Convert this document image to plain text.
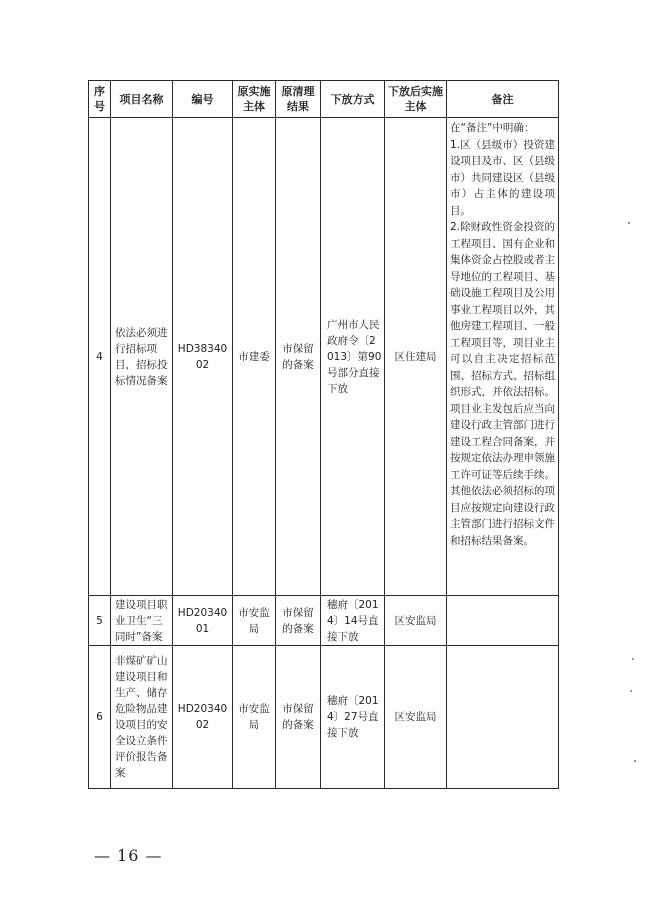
序号	项目名称	编号	原实施主体	原清理结果	下放方式	下放后实施主体	备注
4	依法必须进行招标项目，招标投标情况备案	HD3834002	市建委	市保留的备案	广州市人民政府令〔2013〕第90号部分直接下放	区住建局	在“备注”中明确：
1.区（县级市）投资建设项目及市、区（县级市）共同建设区（县级市）占主体的建设项目。
2.除财政性资金投资的工程项目、国有企业和集体资金占控股或者主导地位的工程项目、基础设施工程项目及公用事业工程项目以外，其他房建工程项目、一般工程项目等，项目业主可以自主决定招标范围、招标方式、招标组织形式，并依法招标。项目业主发包后应当向建设行政主管部门进行建设工程合同备案，并按规定依法办理申领施工许可证等后续手续。其他依法必须招标的项目应按规定向建设行政主管部门进行招标文件和招标结果备案。

5	建设项目职业卫生“三同时”备案	HD2034001	市安监局	市保留的备案	穗府〔2014〕14号直接下放	区安监局	
6	非煤矿矿山建设项目和生产、储存危险物品建设项目的安全设立条件评价报告备案	HD2034002	市安监局	市保留的备案	穗府〔2014〕27号直接下放	区安监局	
— 16 —
